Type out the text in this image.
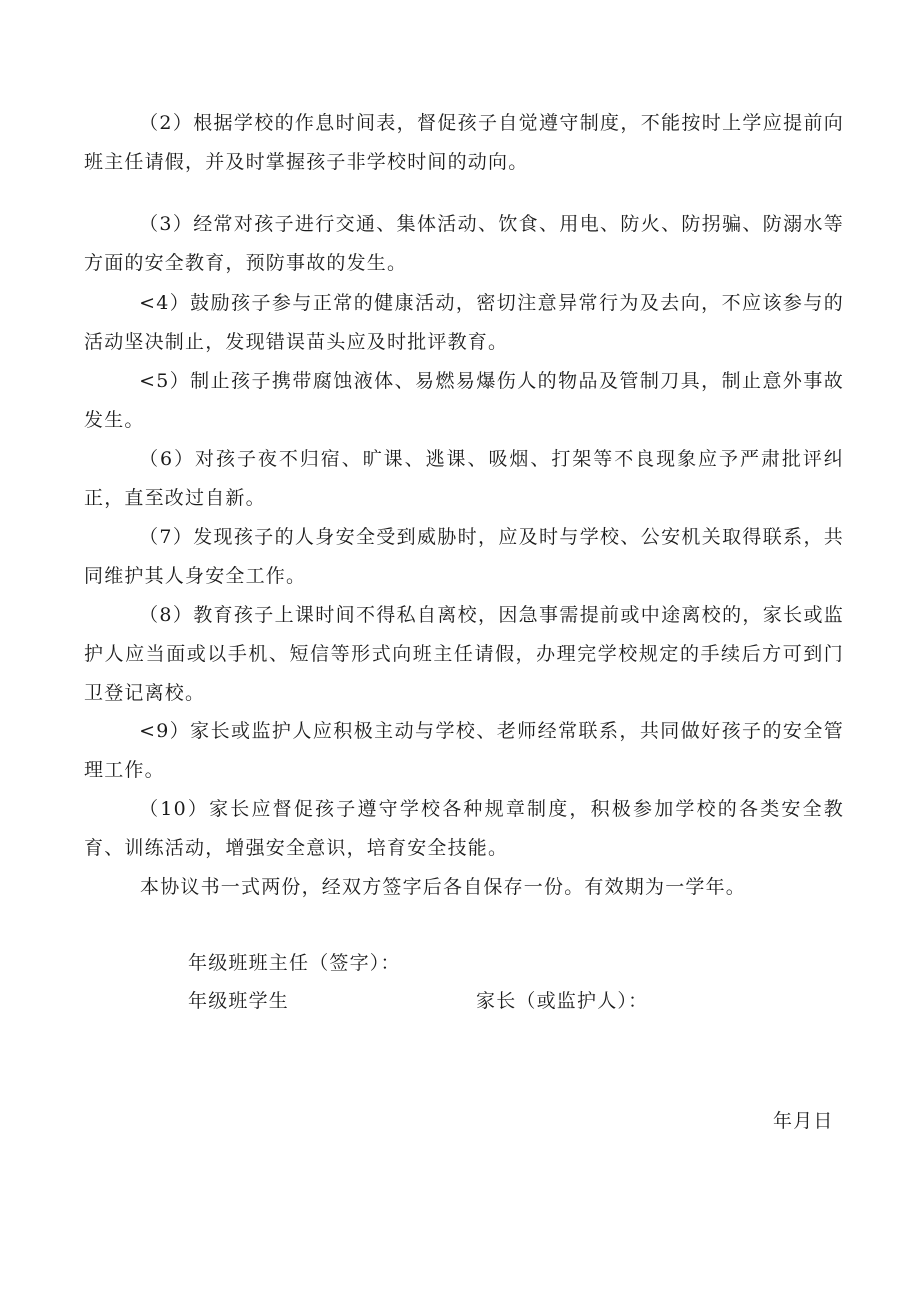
（2）根据学校的作息时间表，督促孩子自觉遵守制度，不能按时上学应提前向班主任请假，并及时掌握孩子非学校时间的动向。

（3）经常对孩子进行交通、集体活动、饮食、用电、防火、防拐骗、防溺水等方面的安全教育，预防事故的发生。

<4）鼓励孩子参与正常的健康活动，密切注意异常行为及去向，不应该参与的活动坚决制止，发现错误苗头应及时批评教育。

<5）制止孩子携带腐蚀液体、易燃易爆伤人的物品及管制刀具，制止意外事故发生。

（6）对孩子夜不归宿、旷课、逃课、吸烟、打架等不良现象应予严肃批评纠正，直至改过自新。

（7）发现孩子的人身安全受到威胁时，应及时与学校、公安机关取得联系，共同维护其人身安全工作。

（8）教育孩子上课时间不得私自离校，因急事需提前或中途离校的，家长或监护人应当面或以手机、短信等形式向班主任请假，办理完学校规定的手续后方可到门卫登记离校。

<9）家长或监护人应积极主动与学校、老师经常联系，共同做好孩子的安全管理工作。

（10）家长应督促孩子遵守学校各种规章制度，积极参加学校的各类安全教育、训练活动，增强安全意识，培育安全技能。

本协议书一式两份，经双方签字后各自保存一份。有效期为一学年。

年级班班主任（签字）：

年级班学生	家长（或监护人）：

年月日
